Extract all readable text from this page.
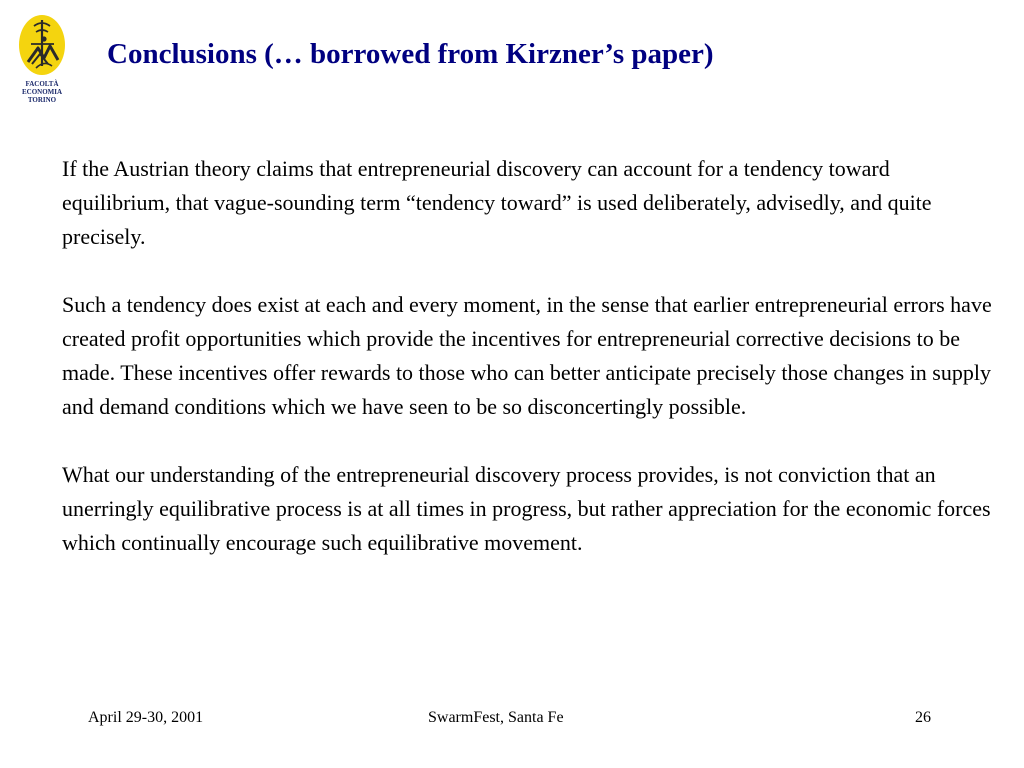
FACOLTÀ
ECONOMIA
TORINO
Conclusions (… borrowed from Kirzner’s paper)

If the Austrian theory claims that entrepreneurial discovery can account for a tendency toward equilibrium, that vague-sounding term “tendency toward” is used deliberately, advisedly, and quite precisely.

Such a tendency does exist at each and every moment, in the sense that earlier entrepreneurial errors have created profit opportunities which provide the incentives for entrepreneurial corrective decisions to be made. These incentives offer rewards to those who can better anticipate precisely those changes in supply and demand conditions which we have seen to be so disconcertingly possible.

What our understanding of the entrepreneurial discovery process provides, is not conviction that an unerringly equilibrative process is at all times in progress, but rather appreciation for the economic forces which continually encourage such equilibrative movement.

April 29-30, 2001	SwarmFest, Santa Fe	26
